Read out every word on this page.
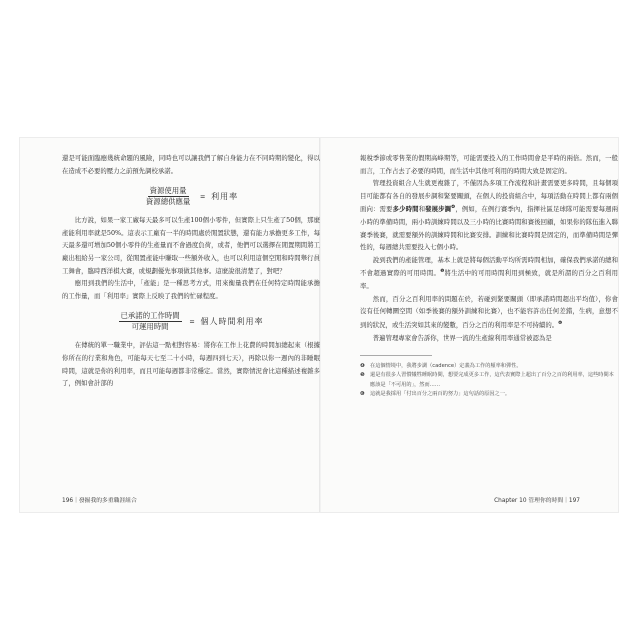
還是可能面臨應幾統命題的風險，同時也可以讓我們了解自身能力在不同時期的變化，得以在造成不必要的壓力之前預先調校承諾。

$\frac{\text{資源使用量}}{\text{資源總供應量}}$ = 利用率

比方說，如果一家工廠每天最多可以生產100個小零件，但實際上只生產了50個，那麼產能利用率就是50%。這表示工廠有一半的時間處於閒置狀態，還有能力承擔更多工作，每天最多還可增加50個小零件的生產量而不會過度負荷，或者，他們可以選擇在閒置期間將工廠出租給另一家公司，從閒置產能中賺取一些額外收入，也可以利用這個空閒和時間舉行員工舞會，臨時西洋棋大賽，或規劃優先事項做其他事。這麼說很清楚了，對吧？

應用到我們的生活中，「產能」是一種思考方式，用來衡量我們在任何特定時間能承擔的工作量，而「利用率」實際上反映了我們的忙碌程度。

$\frac{\text{已承諾的工作時間}}{\text{可運用時間}}$ = 個人時間利用率

在傳統的單一職業中，評估這一點相對容易：將你在工作上花費的時間加總起來（根據你所在的行業和角色，可能每天七至二十小時，每週四到七天），再除以你一週內的非睡眠時間，這就是你的利用率，而且可能每週都非常穩定。當然，實際情況會比這種描述複雜多了，例如會計部的

196｜發掘我的多重職涯組合

報稅季節或零售業的假期高峰期等，可能需要投入的工作時間會是平時的兩倍。然而，一般而言，工作占去了必要的時間，而生活中其他可利用的時間大致是固定的。

管理投資組合人生就更複雜了，不僅因為多項工作流程和計畫需要更多時間，且每個項目可能都有各自的發展步調和緊要關頭，在個人的投資組合中，每項活動在時間上都有兩個面向：需要多少時間和發展步調$^❹$，例如，在例行賽季內，指揮社區足球隊可能需要每週兩小時的準備時間，兩小時訓練時間以及三小時的比賽時間和賽後回顧，如果你的隊伍進入聯賽季後賽，就需要額外的訓練時間和比賽安排。訓練和比賽時間是固定的，而準備時間是彈性的，每週總共需要投入七個小時。

說到我們的產能管理，基本上就是將每個活動平均所需時間相加，確保我們承諾的總和不會超過實際的可用時間。$^❺$將生活中的可用時間利用到極致，就是所謂的百分之百利用率。

然而，百分之百利用率的問題在於，若碰到緊要關頭（即承諾時間超出平均值），你會沒有任何轉圜空間（如季後賽的額外訓練和比賽），也不能容許出任何差錯，生病，意想不到的狀況，或生活突如其來的變數，百分之百的利用率是不可持續的。$^❻$

普遍管理專家會告訴你，世界一流的生產線利用率通常被認為是

❹	在這個情境中，我將步調（cadence）定義為工作的頻率和彈性。
❺	還是有很多人習慣犧牲睡眠時間，想要完成更多工作，這代表實際上超出了百分之百的利用率，這些時間本應該是「不可用的」，然而……
❻	這就是我採用「付出百分之兩百的努力」這句話的原因之一。
Chapter 10 管理你的時間｜197
